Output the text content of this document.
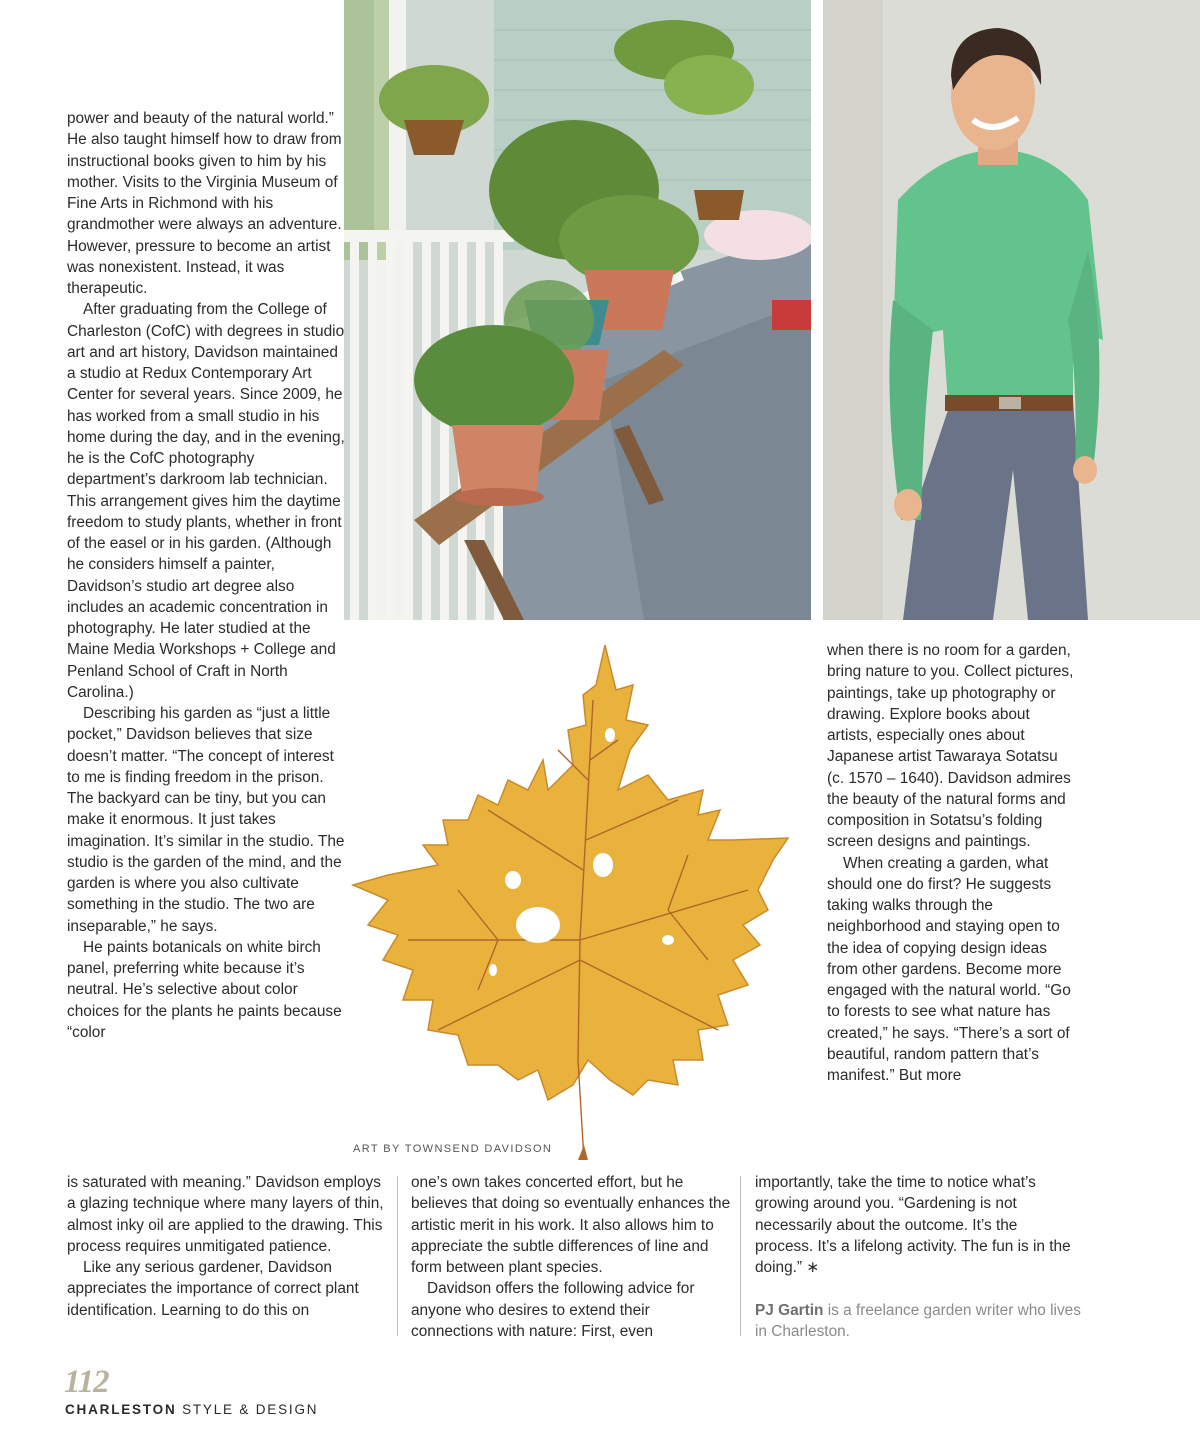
power and beauty of the natural world.” He also taught himself how to draw from instructional books given to him by his mother. Visits to the Virginia Museum of Fine Arts in Richmond with his grandmother were always an adventure. However, pressure to become an artist was nonexistent. Instead, it was therapeutic.

After graduating from the College of Charleston (CofC) with degrees in studio art and art history, Davidson maintained a studio at Redux Contemporary Art Center for several years. Since 2009, he has worked from a small studio in his home during the day, and in the evening, he is the CofC photography department’s darkroom lab technician. This arrangement gives him the daytime freedom to study plants, whether in front of the easel or in his garden. (Although he considers himself a painter, Davidson’s studio art degree also includes an academic concentration in photography. He later studied at the Maine Media Workshops + College and Penland School of Craft in North Carolina.)

Describing his garden as “just a little pocket,” Davidson believes that size doesn’t matter. “The concept of interest to me is finding freedom in the prison. The backyard can be tiny, but you can make it enormous. It just takes imagination. It’s similar in the studio. The studio is the garden of the mind, and the garden is where you also cultivate something in the studio. The two are inseparable,” he says.

He paints botanicals on white birch panel, preferring white because it’s neutral. He’s selective about color choices for the plants he paints because “color

is saturated with meaning.” Davidson employs a glazing technique where many layers of thin, almost inky oil are applied to the drawing. This process requires unmitigated patience.

Like any serious gardener, Davidson appreciates the importance of correct plant identification. Learning to do this on

one’s own takes concerted effort, but he believes that doing so eventually enhances the artistic merit in his work. It also allows him to appreciate the subtle differences of line and form between plant species.

Davidson offers the following advice for anyone who desires to extend their connections with nature: First, even

when there is no room for a garden, bring nature to you. Collect pictures, paintings, take up photography or drawing. Explore books about artists, especially ones about Japanese artist Tawaraya Sotatsu (c. 1570 – 1640). Davidson admires the beauty of the natural forms and composition in Sotatsu’s folding screen designs and paintings.

When creating a garden, what should one do first? He suggests taking walks through the neighborhood and staying open to the idea of copying design ideas from other gardens. Become more engaged with the natural world. “Go to forests to see what nature has created,” he says. “There’s a sort of beautiful, random pattern that’s manifest.” But more

importantly, take the time to notice what’s growing around you. “Gardening is not necessarily about the outcome. It’s the process. It’s a lifelong activity. The fun is in the doing.” ∗

PJ Gartin is a freelance garden writer who lives in Charleston.
ART BY TOWNSEND DAVIDSON
112
CHARLESTON STYLE & DESIGN
